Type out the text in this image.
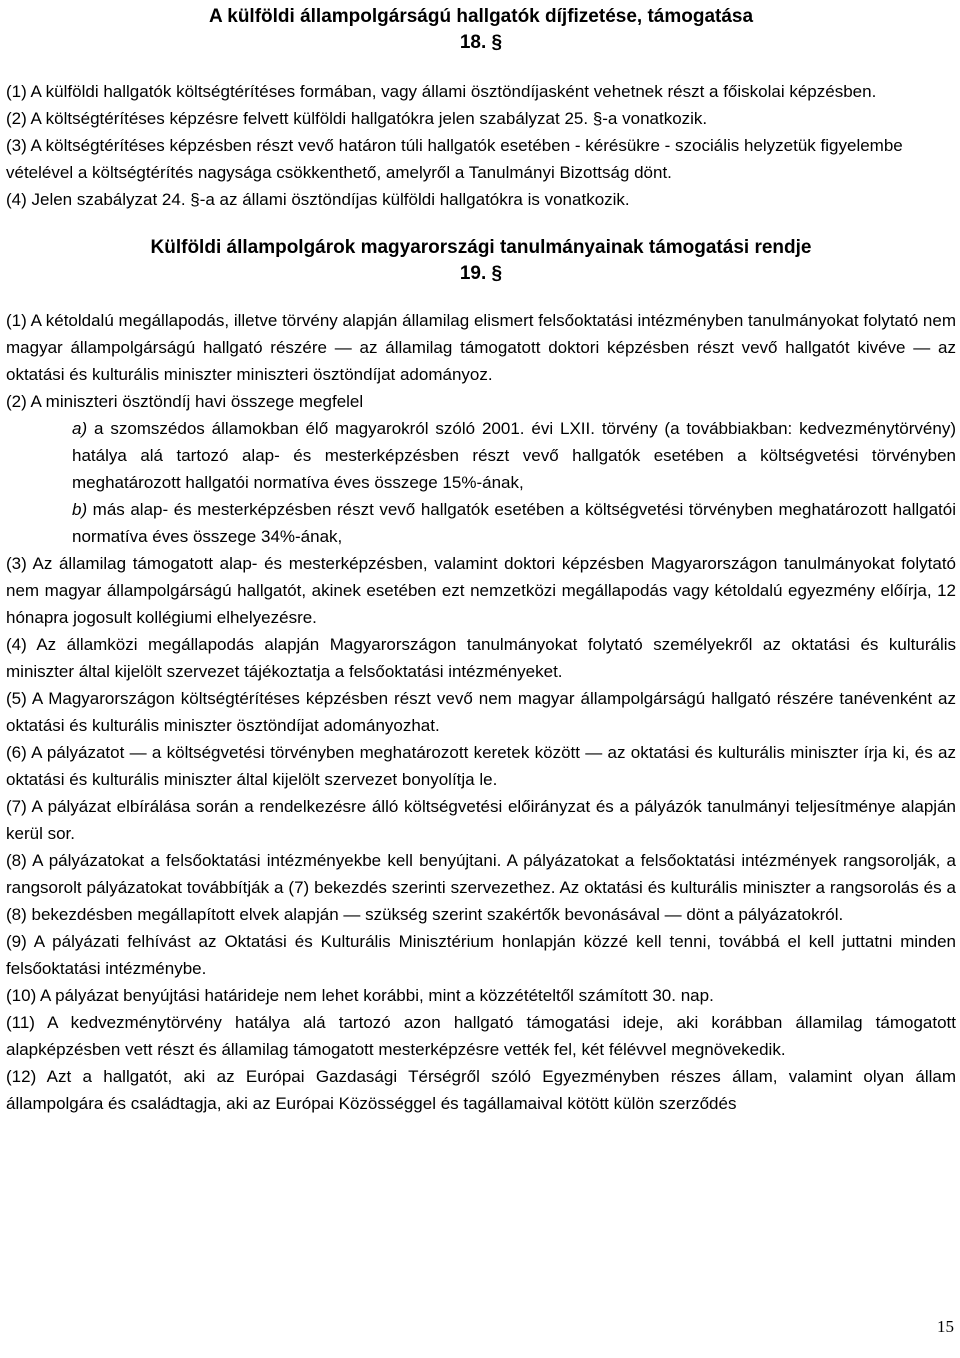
A külföldi állampolgárságú hallgatók díjfizetése, támogatása
18. §

(1) A külföldi hallgatók költségtérítéses formában, vagy állami ösztöndíjasként vehetnek részt a főiskolai képzésben.

(2) A költségtérítéses képzésre felvett külföldi hallgatókra jelen szabályzat 25. §-a vonatkozik.

(3) A költségtérítéses képzésben részt vevő határon túli hallgatók esetében - kérésükre - szociális helyzetük figyelembe vételével a költségtérítés nagysága csökkenthető, amelyről a Tanulmányi Bizottság dönt.

(4) Jelen szabályzat 24. §-a az állami ösztöndíjas külföldi hallgatókra is vonatkozik.

Külföldi állampolgárok magyarországi tanulmányainak támogatási rendje
19. §

(1) A kétoldalú megállapodás, illetve törvény alapján államilag elismert felsőoktatási intézményben tanulmányokat folytató nem magyar állampolgárságú hallgató részére ― az államilag támogatott doktori képzésben részt vevő hallgatót kivéve ― az oktatási és kulturális miniszter miniszteri ösztöndíjat adományoz.

(2) A miniszteri ösztöndíj havi összege megfelel

a) a szomszédos államokban élő magyarokról szóló 2001. évi LXII. törvény (a továbbiakban: kedvezménytörvény) hatálya alá tartozó alap- és mesterképzésben részt vevő hallgatók esetében a költségvetési törvényben meghatározott hallgatói normatíva éves összege 15%-ának,

b) más alap- és mesterképzésben részt vevő hallgatók esetében a költségvetési törvényben meghatározott hallgatói normatíva éves összege 34%-ának,

(3) Az államilag támogatott alap- és mesterképzésben, valamint doktori képzésben Magyarországon tanulmányokat folytató nem magyar állampolgárságú hallgatót, akinek esetében ezt nemzetközi megállapodás vagy kétoldalú egyezmény előírja, 12 hónapra jogosult kollégiumi elhelyezésre.

(4) Az államközi megállapodás alapján Magyarországon tanulmányokat folytató személyekről az oktatási és kulturális miniszter által kijelölt szervezet tájékoztatja a felsőoktatási intézményeket.

(5) A Magyarországon költségtérítéses képzésben részt vevő nem magyar állampolgárságú hallgató részére tanévenként az oktatási és kulturális miniszter ösztöndíjat adományozhat.

(6) A pályázatot ― a költségvetési törvényben meghatározott keretek között ― az oktatási és kulturális miniszter írja ki, és az oktatási és kulturális miniszter által kijelölt szervezet bonyolítja le.

(7) A pályázat elbírálása során a rendelkezésre álló költségvetési előirányzat és a pályázók tanulmányi teljesítménye alapján kerül sor.

(8) A pályázatokat a felsőoktatási intézményekbe kell benyújtani. A pályázatokat a felsőoktatási intézmények rangsorolják, a rangsorolt pályázatokat továbbítják a (7) bekezdés szerinti szervezethez. Az oktatási és kulturális miniszter a rangsorolás és a (8) bekezdésben megállapított elvek alapján ― szükség szerint szakértők bevonásával ― dönt a pályázatokról.

(9) A pályázati felhívást az Oktatási és Kulturális Minisztérium honlapján közzé kell tenni, továbbá el kell juttatni minden felsőoktatási intézménybe.

(10) A pályázat benyújtási határideje nem lehet korábbi, mint a közzétételtől számított 30. nap.

(11) A kedvezménytörvény hatálya alá tartozó azon hallgató támogatási ideje, aki korábban államilag támogatott alapképzésben vett részt és államilag támogatott mesterképzésre vették fel, két félévvel megnövekedik.

(12) Azt a hallgatót, aki az Európai Gazdasági Térségről szóló Egyezményben részes állam, valamint olyan állam állampolgára és családtagja, aki az Európai Közösséggel és tagállamaival kötött külön szerződés

15
